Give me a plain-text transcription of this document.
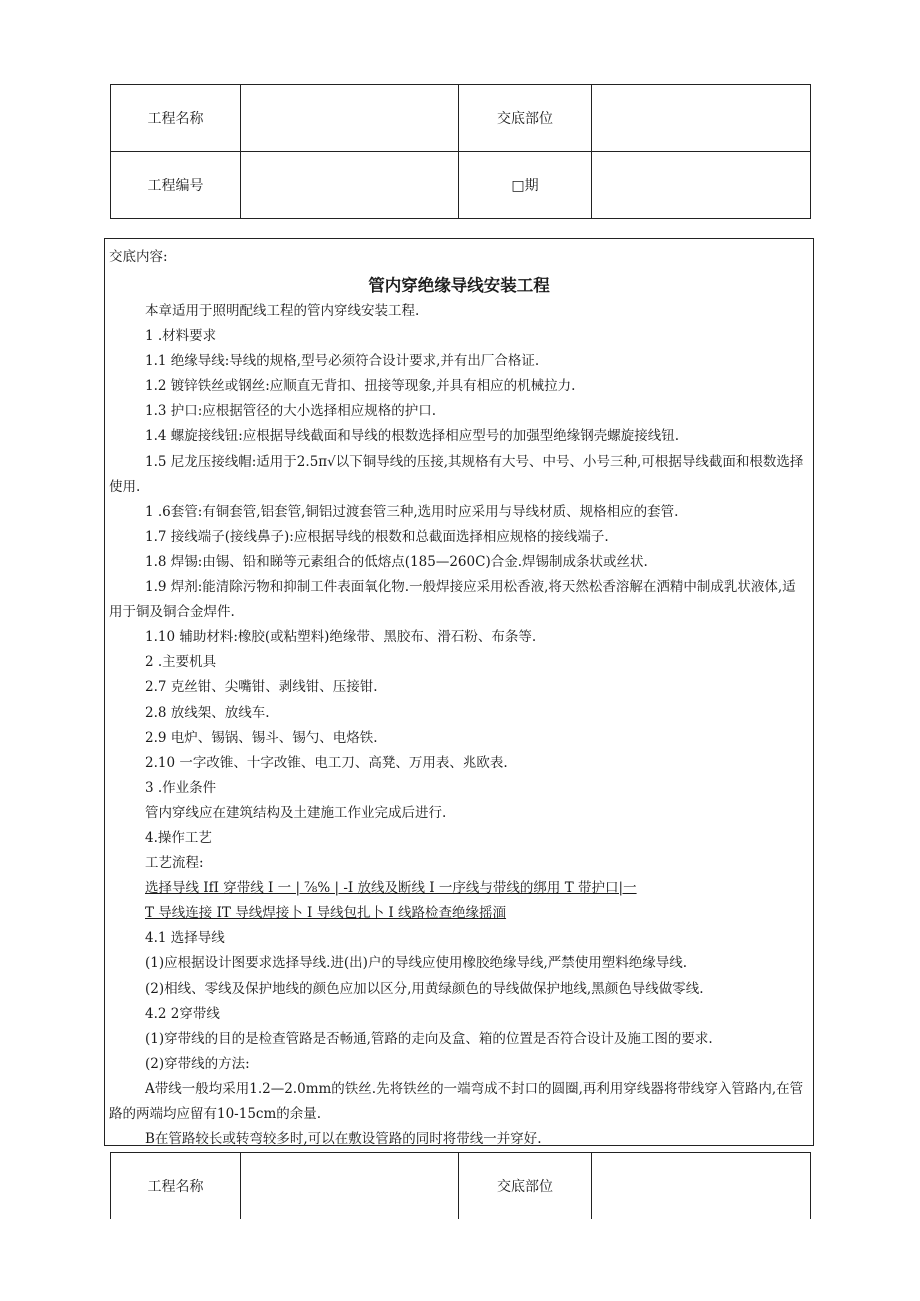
工程名称		交底部位	
工程编号		□期	
交底内容:
管内穿绝缘导线安装工程
本章适用于照明配线工程的管内穿线安装工程.
1 .材料要求
1.1 绝缘导线:导线的规格,型号必须符合设计要求,并有出厂合格证.
1.2 镀锌铁丝或钢丝:应顺直无背扣、扭接等现象,并具有相应的机械拉力.
1.3 护口:应根据管径的大小选择相应规格的护口.
1.4 螺旋接线钮:应根据导线截面和导线的根数选择相应型号的加强型绝缘钢壳螺旋接线钮.
1.5 尼龙压接线帽:适用于2.5π√以下铜导线的压接,其规格有大号、中号、小号三种,可根据导线截面和根数选择使用.
1 .6套管:有铜套管,铝套管,铜铝过渡套管三种,选用时应采用与导线材质、规格相应的套管.
1.7 接线端子(接线鼻子):应根据导线的根数和总截面选择相应规格的接线端子.
1.8 焊锡:由锡、铅和睇等元素组合的低熔点(185—260C)合金.焊锡制成条状或丝状.
1.9 焊剂:能清除污物和抑制工件表面氧化物.一般焊接应采用松香液,将天然松香溶解在洒精中制成乳状液体,适用于铜及铜合金焊件.
1.10 辅助材料:橡胶(或粘塑料)绝缘带、黑胶布、滑石粉、布条等.
2 .主要机具
2.7 克丝钳、尖嘴钳、剥线钳、压接钳.
2.8 放线架、放线车.
2.9 电炉、锡锅、锡斗、锡勺、电烙铁.
2.10 一字改锥、十字改锥、电工刀、高凳、万用表、兆欧表.
3 .作业条件
管内穿线应在建筑结构及土建施工作业完成后进行.
4.操作工艺
工艺流程:
选择导线 IfI 穿带线 I 一 | ⅞% | -I 放线及断线 I 一序线与带线的绑用 T 带护口|一
T 导线连接 IT 导线焊接卜 I 导线包扎卜 I 线路检查绝缘摇湎
4.1 选择导线
(1)应根据设计图要求选择导线.进(出)户的导线应使用橡胶绝缘导线,严禁使用塑料绝缘导线.
(2)相线、零线及保护地线的颜色应加以区分,用黄绿颜色的导线做保护地线,黑颜色导线做零线.
4.2 2穿带线
(1)穿带线的目的是检查管路是否畅通,管路的走向及盒、箱的位置是否符合设计及施工图的要求.
(2)穿带线的方法:
A带线一般均采用1.2—2.0mm的铁丝.先将铁丝的一端弯成不封口的圆圈,再利用穿线器将带线穿入管路内,在管路的两端均应留有10-15cm的余量.
B在管路较长或转弯较多时,可以在敷设管路的同时将带线一并穿好.
工程名称		交底部位	
